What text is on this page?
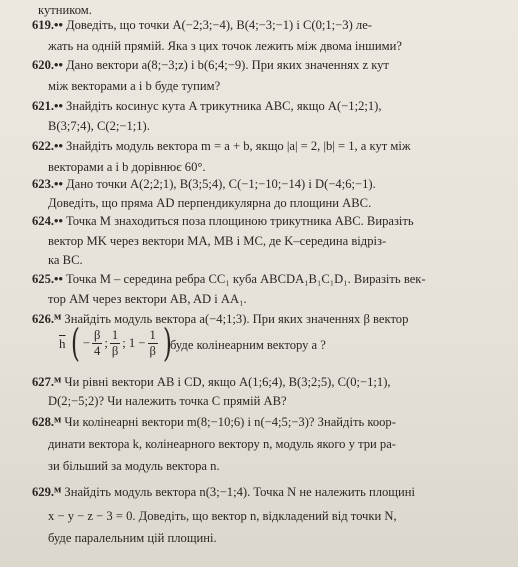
кутником.
619.•• Доведіть, що точки A(−2;3;−4), B(4;−3;−1) і C(0;1;−3) ле-
жать на одній прямій. Яка з цих точок лежить між двома іншими?
620.•• Дано вектори a(8;−3;z) і b(6;4;−9). При яких значеннях z кут
між векторами a і b буде тупим?
621.•• Знайдіть косинус кута A трикутника ABC, якщо A(−1;2;1),
B(3;7;4), C(2;−1;1).
622.•• Знайдіть модуль вектора m = a + b, якщо |a| = 2, |b| = 1, а кут між
векторами a і b дорівнює 60°.
623.•• Дано точки A(2;2;1), B(3;5;4), C(−1;−10;−14) і D(−4;6;−1).
Доведіть, що пряма AD перпендикулярна до площини ABC.
624.•• Точка M знаходиться поза площиною трикутника ABC. Виразіть
вектор MK через вектори MA, MB і MC, де K–середина відріз-
ка BC.
625.•• Точка M – середина ребра CC₁ куба ABCDA₁B₁C₁D₁. Виразіть век-
тор AM через вектори AB, AD і AA₁.
626.ᴹ Знайдіть модуль вектора a(−4;1;3). При яких значеннях β вектор
$\overline{h}$ ( − $\frac{\beta}{4}$ ; $\frac{1}{\beta}$ ; $1 - \frac{1}{\beta}$ )
буде колінеарним вектору a ?
627.ᴹ Чи рівні вектори AB і CD, якщо A(1;6;4), B(3;2;5), C(0;−1;1),
D(2;−5;2)? Чи належить точка C прямій AB?
628.ᴹ Чи колінеарні вектори m(8;−10;6) і n(−4;5;−3)? Знайдіть коор-
динати вектора k, колінеарного вектору n, модуль якого у три ра-
зи більший за модуль вектора n.
629.ᴹ Знайдіть модуль вектора n(3;−1;4). Точка N не належить площині
x − y − z − 3 = 0. Доведіть, що вектор n, відкладений від точки N,
буде паралельним цій площині.
